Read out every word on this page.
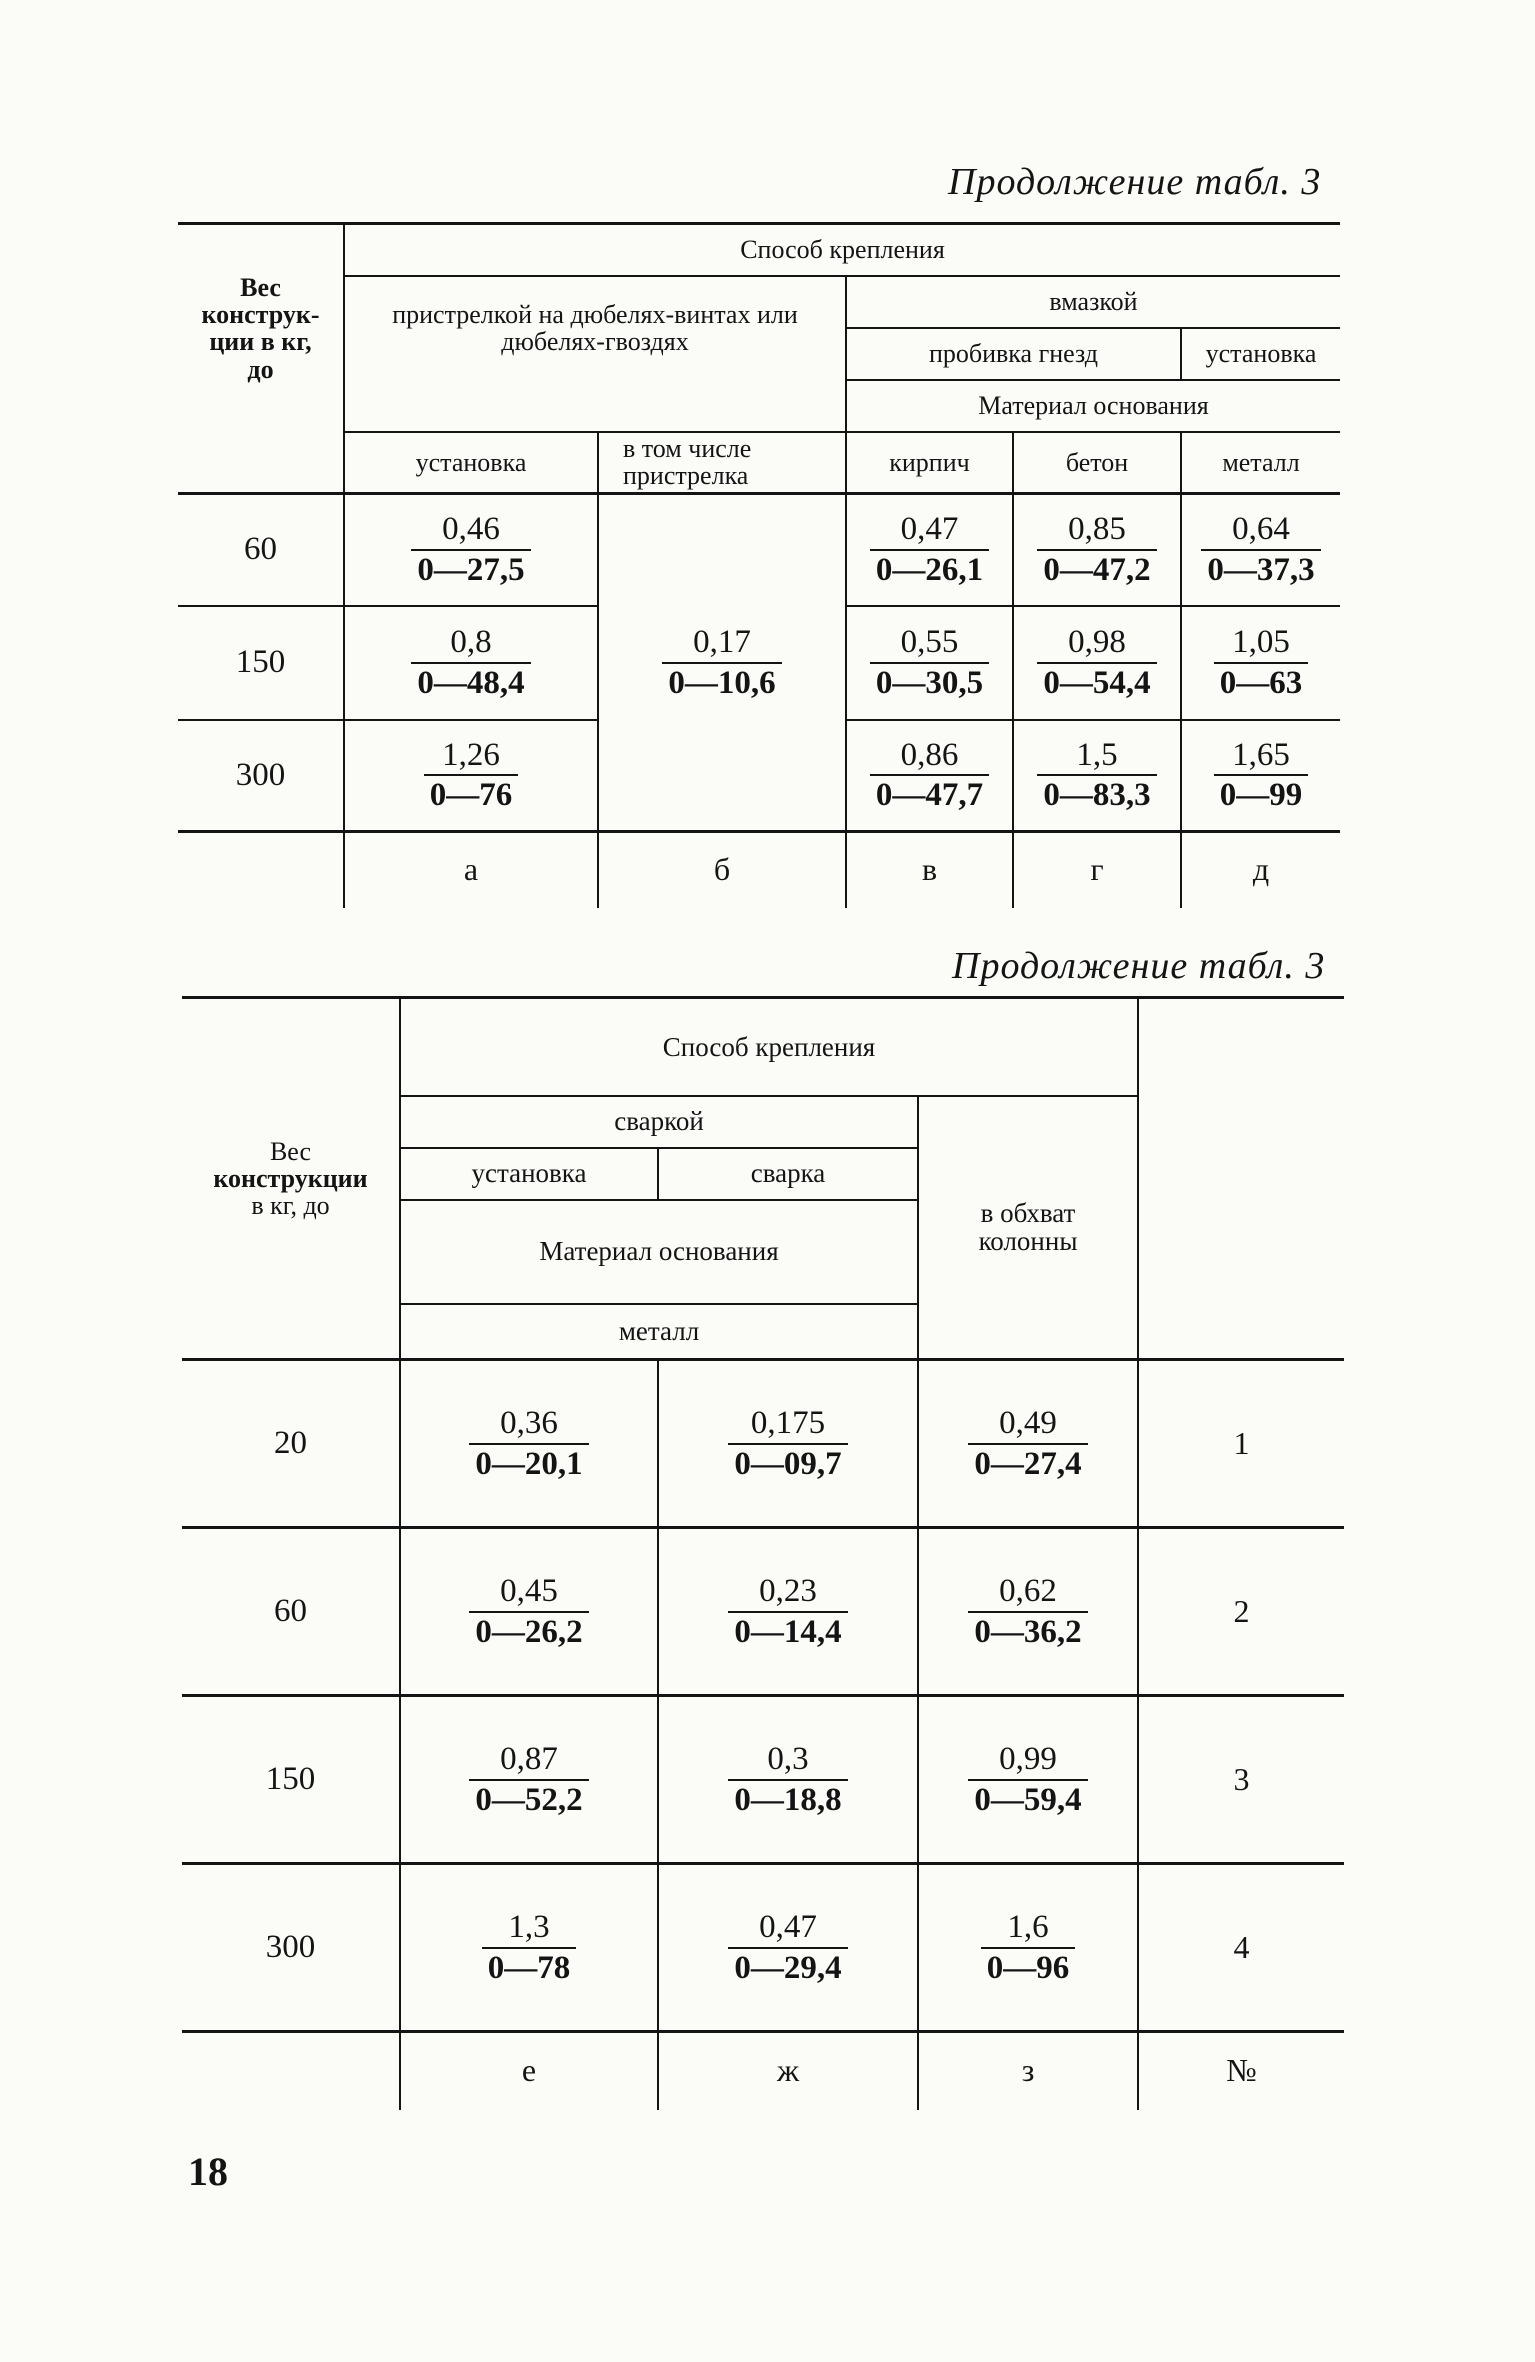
Продолжение табл. 3
Вес
конструк-
ции в кг,
до	Способ крепления				
	пристрелкой на дюбелях-винтах или дюбелях-гвоздях		вмазкой		
			пробивка гнезд		установка
			Материал основания		
	установка	в том числе пристрелка	кирпич	бетон	металл
60	$\frac{0,46}{0—27,5}$	$\frac{0,17}{0—10,6}$	$\frac{0,47}{0—26,1}$	$\frac{0,85}{0—47,2}$	$\frac{0,64}{0—37,3}$

150	$\frac{0,8}{0—48,4}$		$\frac{0,55}{0—30,5}$	$\frac{0,98}{0—54,4}$	$\frac{1,05}{0—63}$

300	$\frac{1,26}{0—76}$		$\frac{0,86}{0—47,7}$	$\frac{1,5}{0—83,3}$	$\frac{1,65}{0—99}$

	а	б	в	г	д
Продолжение табл. 3
Вес
конструкции
в кг, до	Способ крепления			
	сваркой		в обхват колонны	
	установка	сварка		
	Материал основания			
	металл			
20	$\frac{0,36}{0—20,1}$	$\frac{0,175}{0—09,7}$	$\frac{0,49}{0—27,4}$	1
60	$\frac{0,45}{0—26,2}$	$\frac{0,23}{0—14,4}$	$\frac{0,62}{0—36,2}$	2
150	$\frac{0,87}{0—52,2}$	$\frac{0,3}{0—18,8}$	$\frac{0,99}{0—59,4}$	3
300	$\frac{1,3}{0—78}$	$\frac{0,47}{0—29,4}$	$\frac{1,6}{0—96}$	4
	е	ж	з	№
18
